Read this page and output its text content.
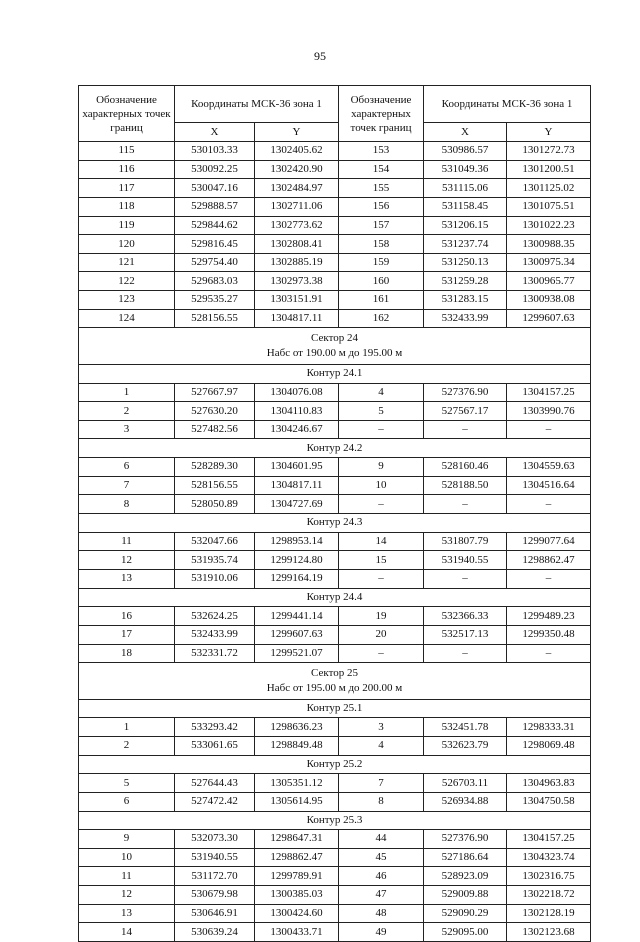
95
Обозначение характерных точек границ	Координаты МСК-36 зона 1		Обозначение характерных точек границ	Координаты МСК-36 зона 1	
	X	Y		X	Y
115	530103.33	1302405.62	153	530986.57	1301272.73
116	530092.25	1302420.90	154	531049.36	1301200.51
117	530047.16	1302484.97	155	531115.06	1301125.02
118	529888.57	1302711.06	156	531158.45	1301075.51
119	529844.62	1302773.62	157	531206.15	1301022.23
120	529816.45	1302808.41	158	531237.74	1300988.35
121	529754.40	1302885.19	159	531250.13	1300975.34
122	529683.03	1302973.38	160	531259.28	1300965.77
123	529535.27	1303151.91	161	531283.15	1300938.08
124	528156.55	1304817.11	162	532433.99	1299607.63

Сектор 24
Набс от 190.00 м до 195.00 м					

Контур 24.1					
1	527667.97	1304076.08	4	527376.90	1304157.25
2	527630.20	1304110.83	5	527567.17	1303990.76
3	527482.56	1304246.67	–	–	–
Контур 24.2					
6	528289.30	1304601.95	9	528160.46	1304559.63
7	528156.55	1304817.11	10	528188.50	1304516.64
8	528050.89	1304727.69	–	–	–
Контур 24.3					
11	532047.66	1298953.14	14	531807.79	1299077.64
12	531935.74	1299124.80	15	531940.55	1298862.47
13	531910.06	1299164.19	–	–	–
Контур 24.4					
16	532624.25	1299441.14	19	532366.33	1299489.23
17	532433.99	1299607.63	20	532517.13	1299350.48
18	532331.72	1299521.07	–	–	–

Сектор 25
Набс от 195.00 м до 200.00 м					

Контур 25.1					
1	533293.42	1298636.23	3	532451.78	1298333.31
2	533061.65	1298849.48	4	532623.79	1298069.48
Контур 25.2					
5	527644.43	1305351.12	7	526703.11	1304963.83
6	527472.42	1305614.95	8	526934.88	1304750.58
Контур 25.3					
9	532073.30	1298647.31	44	527376.90	1304157.25
10	531940.55	1298862.47	45	527186.64	1304323.74
11	531172.70	1299789.91	46	528923.09	1302316.75
12	530679.98	1300385.03	47	529009.88	1302218.72
13	530646.91	1300424.60	48	529090.29	1302128.19
14	530639.24	1300433.71	49	529095.00	1302123.68
